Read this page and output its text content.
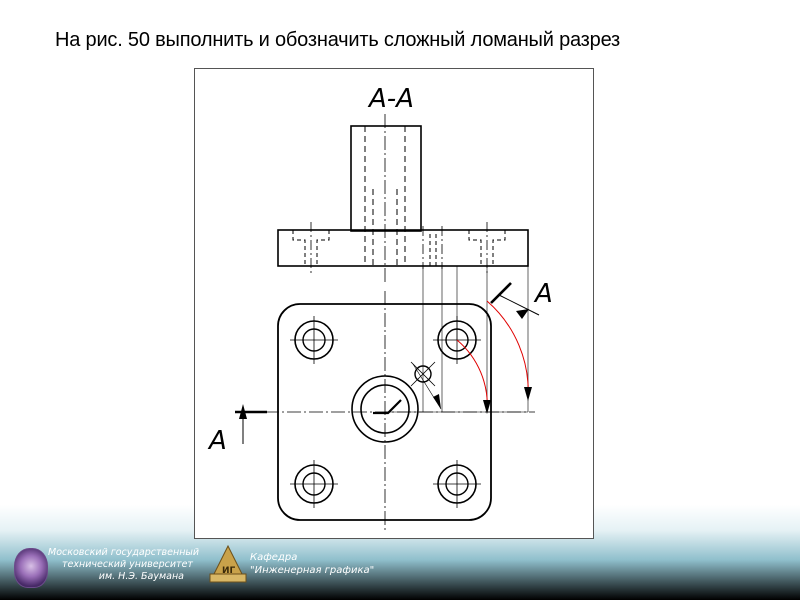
На рис. 50 выполнить и обозначить сложный ломаный разрез
А-А
А
А
Московский государственный
технический университет
им. Н.Э. Баумана	ИГ
Кафедра
"Инженерная графика"
